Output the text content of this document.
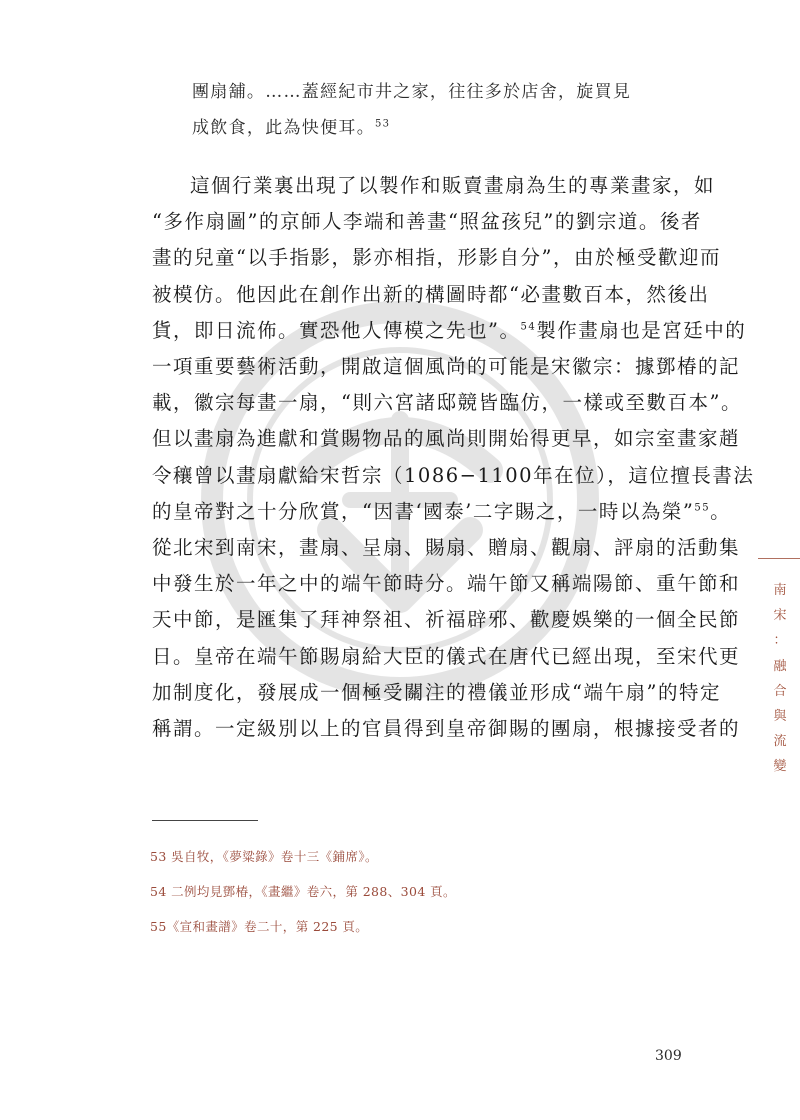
團扇舖。……蓋經紀市井之家，往往多於店舍，旋買見
成飲食，此為快便耳。$^{53}$
這個行業裏出現了以製作和販賣畫扇為生的專業畫家，如
“多作扇圖”的京師人李端和善畫“照盆孩兒”的劉宗道。後者
畫的兒童“以手指影，影亦相指，形影自分”，由於極受歡迎而
被模仿。他因此在創作出新的構圖時都“必畫數百本，然後出
貨，即日流佈。實恐他人傳模之先也”。$^{54}$製作畫扇也是宮廷中的
一項重要藝術活動，開啟這個風尚的可能是宋徽宗：據鄧椿的記
載，徽宗每畫一扇，“則六宮諸邸競皆臨仿，一樣或至數百本”。
但以畫扇為進獻和賞賜物品的風尚則開始得更早，如宗室畫家趙
令穰曾以畫扇獻給宋哲宗（1086−1100年在位），這位擅長書法
的皇帝對之十分欣賞，“因書‘國泰’二字賜之，一時以為榮”$^{55}$。
從北宋到南宋，畫扇、呈扇、賜扇、贈扇、觀扇、評扇的活動集
中發生於一年之中的端午節時分。端午節又稱端陽節、重午節和
天中節，是匯集了拜神祭祖、祈福辟邪、歡慶娛樂的一個全民節
日。皇帝在端午節賜扇給大臣的儀式在唐代已經出現，至宋代更
加制度化，發展成一個極受關注的禮儀並形成“端午扇”的特定
稱謂。一定級別以上的官員得到皇帝御賜的團扇，根據接受者的
53 吳自牧，《夢粱錄》卷十三《鋪席》。
54 二例均見鄧椿，《畫繼》卷六，第 288、304 頁。
55《宣和畫譜》卷二十，第 225 頁。
南
宋
：
融
合
與
流
變
309
